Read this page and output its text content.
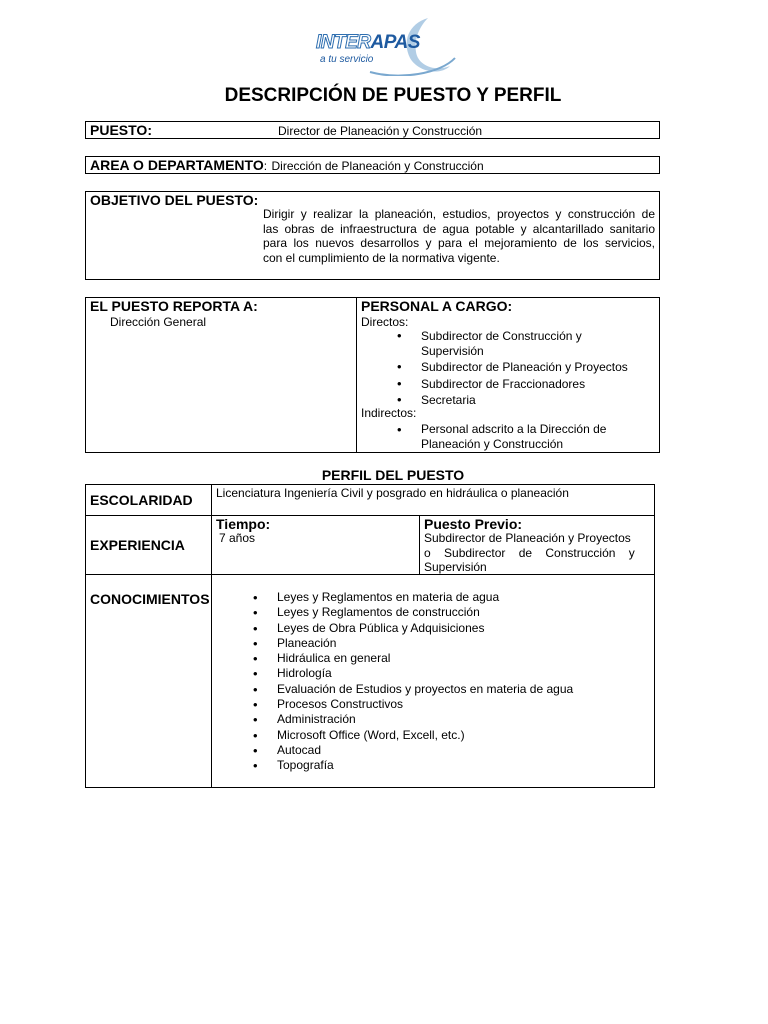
INTERAPAS
a tu servicio
DESCRIPCIÓN DE PUESTO Y PERFIL
PUESTO:	Director de Planeación y Construcción
AREA O DEPARTAMENTO: Dirección de Planeación y Construcción
OBJETIVO DEL PUESTO:
Dirigir y realizar la planeación, estudios, proyectos y construcción de
las obras de infraestructura de agua potable y alcantarillado sanitario
para los nuevos desarrollos y para el mejoramiento de los servicios,
con el cumplimiento de la normativa vigente.
EL PUESTO REPORTA A:
Dirección General
PERSONAL A CARGO:
Directos:
• Subdirector de Construcción y
Supervisión
• Subdirector de Planeación y Proyectos
• Subdirector de Fraccionadores
• Secretaria
Indirectos:
• Personal adscrito a la Dirección de
Planeación y Construcción
PERFIL DEL PUESTO
ESCOLARIDAD Licenciatura Ingeniería Civil y posgrado en hidráulica o planeación
EXPERIENCIA
Tiempo:
7 años
Puesto Previo:
Subdirector de Planeación y Proyectos
o    Subdirector    de    Construcción    y
Supervisión
CONOCIMIENTOS
•	Leyes y Reglamentos en materia de agua
• Leyes y Reglamentos de construcción
• Leyes de Obra Pública y Adquisiciones
• Planeación
• Hidráulica en general
• Hidrología
• Evaluación de Estudios y proyectos en materia de agua
• Procesos Constructivos
• Administración
• Microsoft Office (Word, Excell, etc.)
• Autocad
• Topografía
